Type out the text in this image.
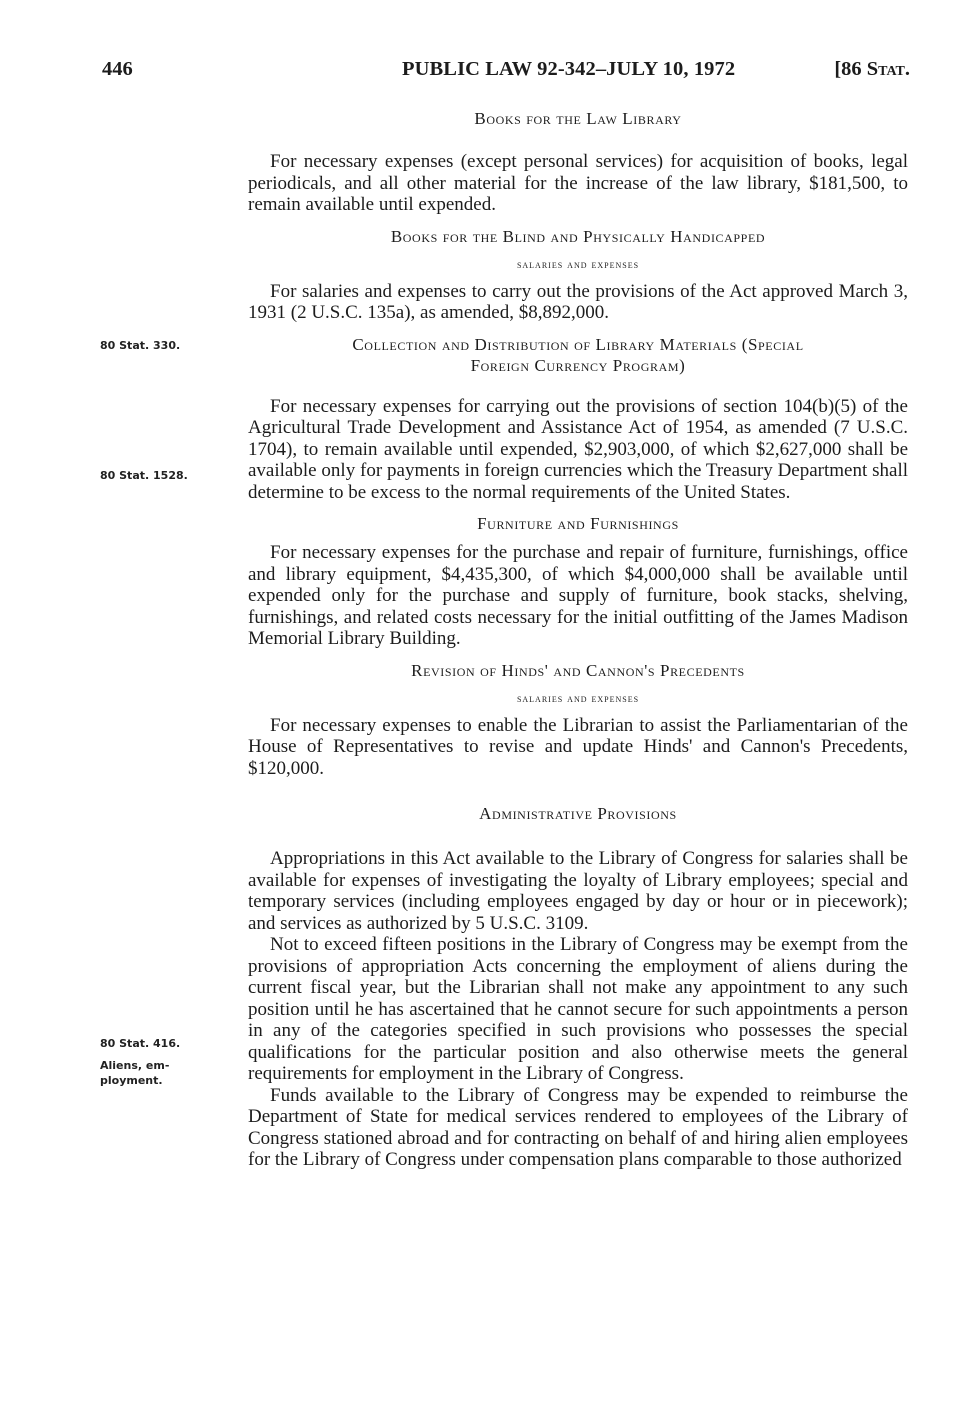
446	PUBLIC LAW 92-342–JULY 10, 1972	[86 Stat.
80 Stat. 330.
80 Stat. 1528.
80 Stat. 416.
Aliens, em-
ployment.

Books for the Law Library

For necessary expenses (except personal services) for acquisition of books, legal periodicals, and all other material for the increase of the law library, $181,500, to remain available until expended.

Books for the Blind and Physically Handicapped

salaries and expenses

For salaries and expenses to carry out the provisions of the Act approved March 3, 1931 (2 U.S.C. 135a), as amended, $8,892,000.

Collection and Distribution of Library Materials (Special
Foreign Currency Program)

For necessary expenses for carrying out the provisions of section 104(b)(5) of the Agricultural Trade Development and Assistance Act of 1954, as amended (7 U.S.C. 1704), to remain available until expended, $2,903,000, of which $2,627,000 shall be available only for payments in foreign currencies which the Treasury Department shall determine to be excess to the normal requirements of the United States.

Furniture and Furnishings

For necessary expenses for the purchase and repair of furniture, furnishings, office and library equipment, $4,435,300, of which $4,000,000 shall be available until expended only for the purchase and supply of furniture, book stacks, shelving, furnishings, and related costs necessary for the initial outfitting of the James Madison Memorial Library Building.

Revision of Hinds' and Cannon's Precedents

salaries and expenses

For necessary expenses to enable the Librarian to assist the Parliamentarian of the House of Representatives to revise and update Hinds' and Cannon's Precedents, $120,000.

Administrative Provisions

Appropriations in this Act available to the Library of Congress for salaries shall be available for expenses of investigating the loyalty of Library employees; special and temporary services (including employees engaged by day or hour or in piecework); and services as authorized by 5 U.S.C. 3109.

Not to exceed fifteen positions in the Library of Congress may be exempt from the provisions of appropriation Acts concerning the employment of aliens during the current fiscal year, but the Librarian shall not make any appointment to any such position until he has ascertained that he cannot secure for such appointments a person in any of the categories specified in such provisions who possesses the special qualifications for the particular position and also otherwise meets the general requirements for employment in the Library of Congress.

Funds available to the Library of Congress may be expended to reimburse the Department of State for medical services rendered to employees of the Library of Congress stationed abroad and for contracting on behalf of and hiring alien employees for the Library of Congress under compensation plans comparable to those authorized
